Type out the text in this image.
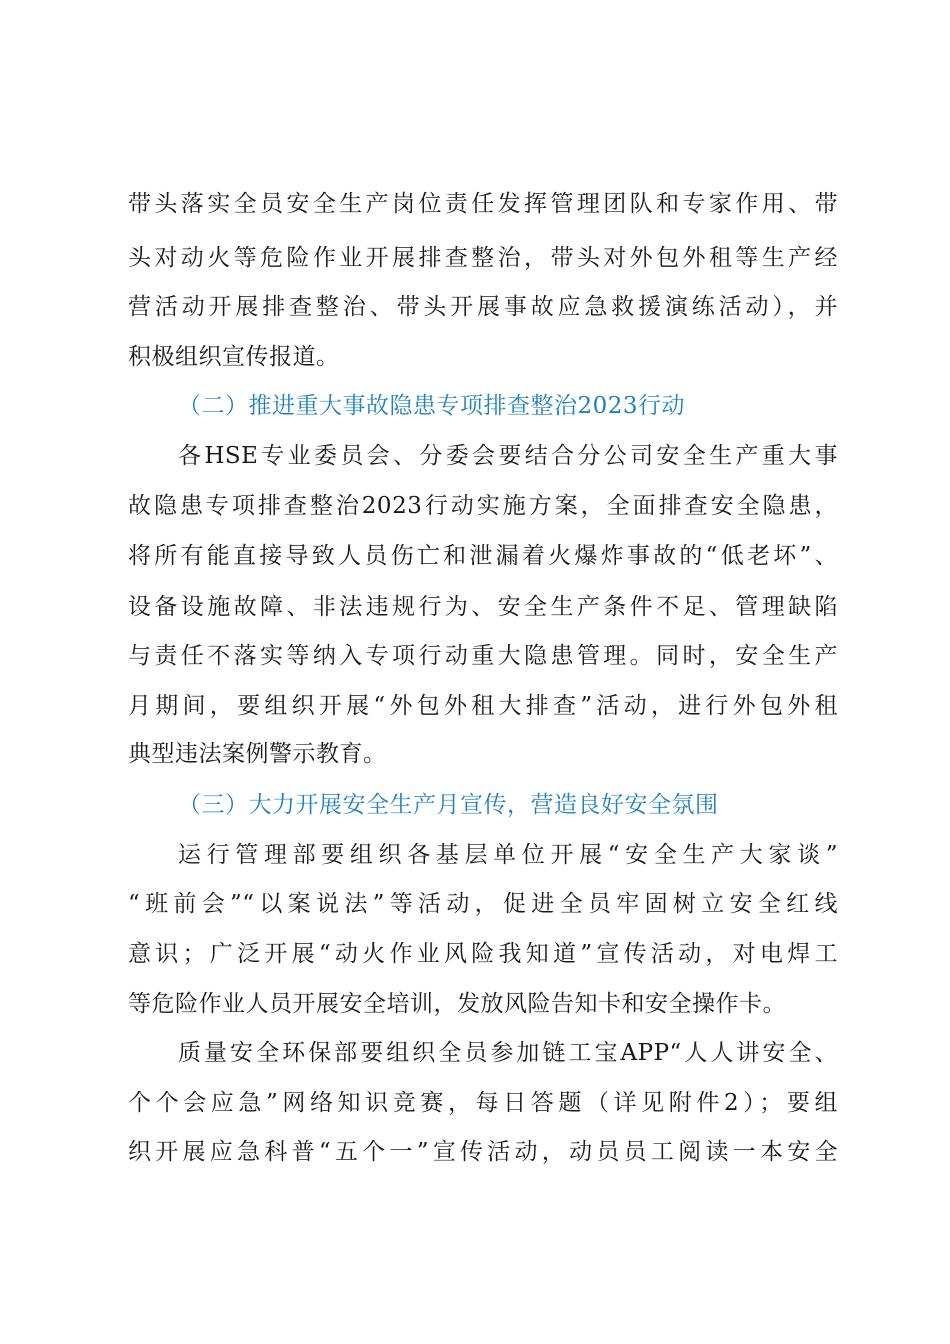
带头落实全员安全生产岗位责任发挥管理团队和专家作用、带
头对动火等危险作业开展排查整治，带头对外包外租等生产经
营活动开展排查整治、带头开展事故应急救援演练活动），并
积极组织宣传报道。
（二）推进重大事故隐患专项排查整治2023行动
各HSE专业委员会、分委会要结合分公司安全生产重大事
故隐患专项排查整治2023行动实施方案，全面排查安全隐患，
将所有能直接导致人员伤亡和泄漏着火爆炸事故的“低老坏”、
设备设施故障、非法违规行为、安全生产条件不足、管理缺陷
与责任不落实等纳入专项行动重大隐患管理。同时，安全生产
月期间，要组织开展“外包外租大排查”活动，进行外包外租
典型违法案例警示教育。
（三）大力开展安全生产月宣传，营造良好安全氛围
运行管理部要组织各基层单位开展“安全生产大家谈”
“班前会”“以案说法”等活动，促进全员牢固树立安全红线
意识；广泛开展“动火作业风险我知道”宣传活动，对电焊工
等危险作业人员开展安全培训，发放风险告知卡和安全操作卡。
质量安全环保部要组织全员参加链工宝APP“人人讲安全、
个个会应急”网络知识竞赛，每日答题（详见附件2）；要组
织开展应急科普“五个一”宣传活动，动员员工阅读一本安全
